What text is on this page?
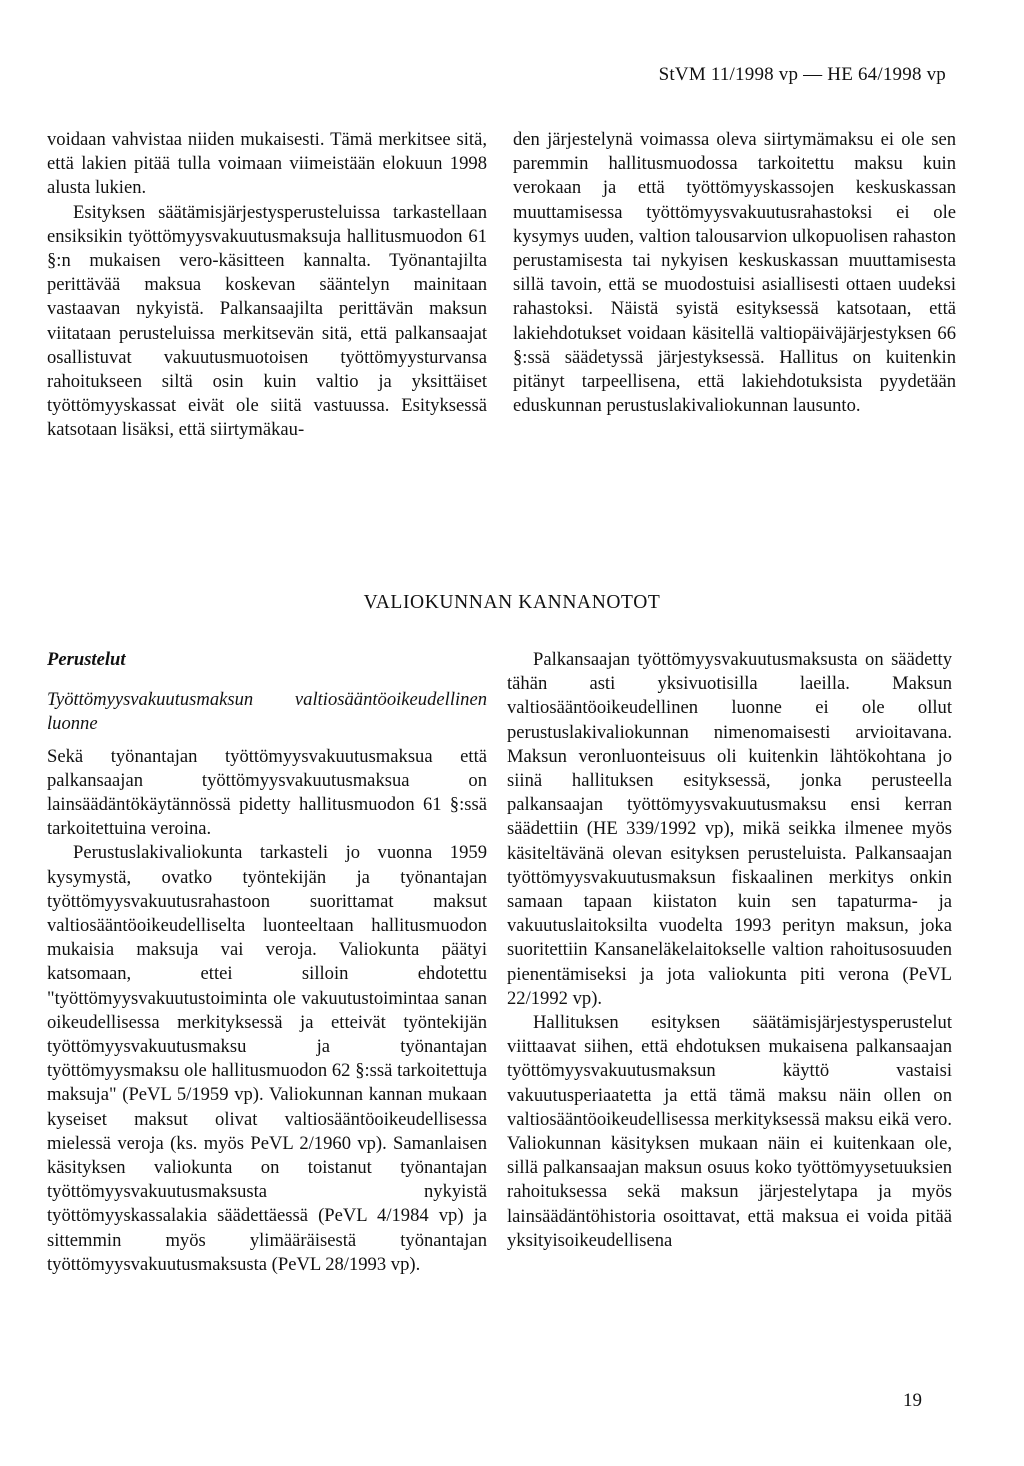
StVM 11/1998 vp — HE 64/1998 vp

voidaan vahvistaa niiden mukaisesti. Tämä merkitsee sitä, että lakien pitää tulla voimaan viimeistään elokuun 1998 alusta lukien.

Esityksen säätämisjärjestysperusteluissa tarkastellaan ensiksikin työttömyysvakuutusmaksuja hallitusmuodon 61 §:n mukaisen vero-käsitteen kannalta. Työnantajilta perittävää maksua koskevan sääntelyn mainitaan vastaavan nykyistä. Palkansaajilta perittävän maksun viitataan perusteluissa merkitsevän sitä, että palkansaajat osallistuvat vakuutusmuotoisen työttömyysturvansa rahoitukseen siltä osin kuin valtio ja yksittäiset työttömyyskassat eivät ole siitä vastuussa. Esityksessä katsotaan lisäksi, että siirtymäkau-

den järjestelynä voimassa oleva siirtymämaksu ei ole sen paremmin hallitusmuodossa tarkoitettu maksu kuin verokaan ja että työttömyyskassojen keskuskassan muuttamisessa työttömyysvakuutusrahastoksi ei ole kysymys uuden, valtion talousarvion ulkopuolisen rahaston perustamisesta tai nykyisen keskuskassan muuttamisesta sillä tavoin, että se muodostuisi asiallisesti ottaen uudeksi rahastoksi. Näistä syistä esityksessä katsotaan, että lakiehdotukset voidaan käsitellä valtiopäiväjärjestyksen 66 §:ssä säädetyssä järjestyksessä. Hallitus on kuitenkin pitänyt tarpeellisena, että lakiehdotuksista pyydetään eduskunnan perustuslakivaliokunnan lausunto.

VALIOKUNNAN KANNANOTOT

Perustelut

Työttömyysvakuutusmaksun valtiosääntöoikeudellinen luonne

Sekä työnantajan työttömyysvakuutusmaksua että palkansaajan työttömyysvakuutusmaksua on lainsäädäntökäytännössä pidetty hallitusmuodon 61 §:ssä tarkoitettuina veroina.

Perustuslakivaliokunta tarkasteli jo vuonna 1959 kysymystä, ovatko työntekijän ja työnantajan työttömyysvakuutusrahastoon suorittamat maksut valtiosääntöoikeudelliselta luonteeltaan hallitusmuodon mukaisia maksuja vai veroja. Valiokunta päätyi katsomaan, ettei silloin ehdotettu "työttömyysvakuutustoiminta ole vakuutustoimintaa sanan oikeudellisessa merkityksessä ja etteivät työntekijän työttömyysvakuutusmaksu ja työnantajan työttömyysmaksu ole hallitusmuodon 62 §:ssä tarkoitettuja maksuja" (PeVL 5/1959 vp). Valiokunnan kannan mukaan kyseiset maksut olivat valtiosääntöoikeudellisessa mielessä veroja (ks. myös PeVL 2/1960 vp). Samanlaisen käsityksen valiokunta on toistanut työnantajan työttömyysvakuutusmaksusta nykyistä työttömyyskassalakia säädettäessä (PeVL 4/1984 vp) ja sittemmin myös ylimääräisestä työnantajan työttömyysvakuutusmaksusta (PeVL 28/1993 vp).

Palkansaajan työttömyysvakuutusmaksusta on säädetty tähän asti yksivuotisilla laeilla. Maksun valtiosääntöoikeudellinen luonne ei ole ollut perustuslakivaliokunnan nimenomaisesti arvioitavana. Maksun veronluonteisuus oli kuitenkin lähtökohtana jo siinä hallituksen esityksessä, jonka perusteella palkansaajan työttömyysvakuutusmaksu ensi kerran säädettiin (HE 339/1992 vp), mikä seikka ilmenee myös käsiteltävänä olevan esityksen perusteluista. Palkansaajan työttömyysvakuutusmaksun fiskaalinen merkitys onkin samaan tapaan kiistaton kuin sen tapaturma- ja vakuutuslaitoksilta vuodelta 1993 perityn maksun, joka suoritettiin Kansaneläkelaitokselle valtion rahoitusosuuden pienentämiseksi ja jota valiokunta piti verona (PeVL 22/1992 vp).

Hallituksen esityksen säätämisjärjestysperustelut viittaavat siihen, että ehdotuksen mukaisena palkansaajan työttömyysvakuutusmaksun käyttö vastaisi vakuutusperiaatetta ja että tämä maksu näin ollen on valtiosääntöoikeudellisessa merkityksessä maksu eikä vero. Valiokunnan käsityksen mukaan näin ei kuitenkaan ole, sillä palkansaajan maksun osuus koko työttömyysetuuksien rahoituksessa sekä maksun järjestelytapa ja myös lainsäädäntöhistoria osoittavat, että maksua ei voida pitää yksityisoikeudellisena

19
